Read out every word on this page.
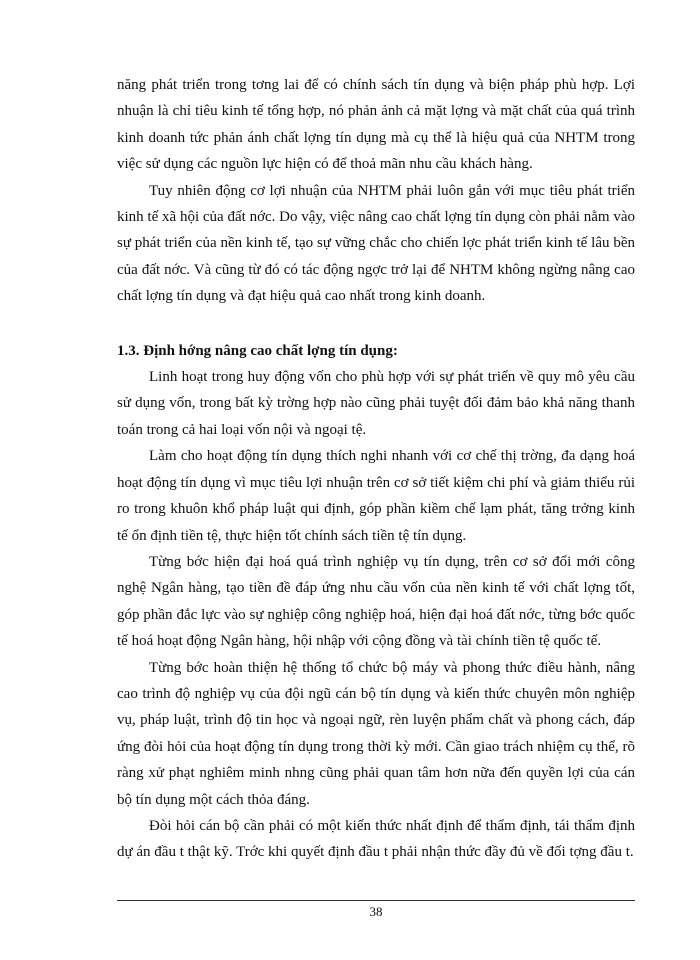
năng phát triển trong tơng lai để có chính sách tín dụng và biện pháp phù hợp. Lợi nhuận là chỉ tiêu kinh tế tổng hợp, nó phản ảnh cả mặt lợng và mặt chất của quá trình kinh doanh tức phản ánh chất lợng tín dụng mà cụ thể là hiệu quả của NHTM trong việc sử dụng các nguồn lực hiện có để thoả mãn nhu cầu khách hàng.

Tuy nhiên động cơ lợi nhuận của NHTM phải luôn gắn với mục tiêu phát triển kinh tế xã hội của đất nớc. Do vậy, việc nâng cao chất lợng tín dụng còn phải nằm vào sự phát triển của nền kinh tế, tạo sự vững chắc cho chiến lợc phát triển kinh tế lâu bền của đất nớc. Và cũng từ đó có tác động ngợc trở lại để NHTM không ngừng nâng cao chất lợng tín dụng và đạt hiệu quả cao nhất trong kinh doanh.

1.3. Định hớng nâng cao chất lợng tín dụng:

Linh hoạt trong huy động vốn cho phù hợp với sự phát triển về quy mô yêu cầu sử dụng vốn, trong bất kỳ trờng hợp nào cũng phải tuyệt đối đảm bảo khả năng thanh toán trong cả hai loại vốn nội và ngoại tệ.

Làm cho hoạt động tín dụng thích nghi nhanh với cơ chế thị trờng, đa dạng hoá hoạt động tín dụng vì mục tiêu lợi nhuận trên cơ sở tiết kiệm chi phí và giảm thiểu rủi ro trong khuôn khổ pháp luật qui định, góp phần kiềm chế lạm phát, tăng trởng kinh tế ổn định tiền tệ, thực hiện tốt chính sách tiền tệ tín dụng.

Từng bớc hiện đại hoá quá trình nghiệp vụ tín dụng, trên cơ sở đổi mới công nghệ Ngân hàng, tạo tiền đề đáp ứng nhu cầu vốn của nền kinh tế với chất lợng tốt, góp phần đắc lực vào sự nghiệp công nghiệp hoá, hiện đại hoá đất nớc, từng bớc quốc tế hoá hoạt động Ngân hàng, hội nhập với cộng đồng và tài chính tiền tệ quốc tế.

Từng bớc hoàn thiện hệ thống tổ chức bộ máy và phong thức điều hành, nâng cao trình độ nghiệp vụ của đội ngũ cán bộ tín dụng và kiến thức chuyên môn nghiệp vụ, pháp luật, trình độ tin học và ngoại ngữ, rèn luyện phẩm chất và phong cách, đáp ứng đòi hỏi của hoạt động tín dụng trong thời kỳ mới. Cần giao trách nhiệm cụ thể, rõ ràng xử phạt nghiêm minh nhng cũng phải quan tâm hơn nữa đến quyền lợi của cán bộ tín dụng một cách thỏa đáng.

Đòi hỏi cán bộ cần phải có một kiến thức nhất định để thẩm định, tái thẩm định dự án đầu t thật kỹ. Trớc khi quyết định đầu t phải nhận thức đầy đủ về đối tợng đầu t.

38
